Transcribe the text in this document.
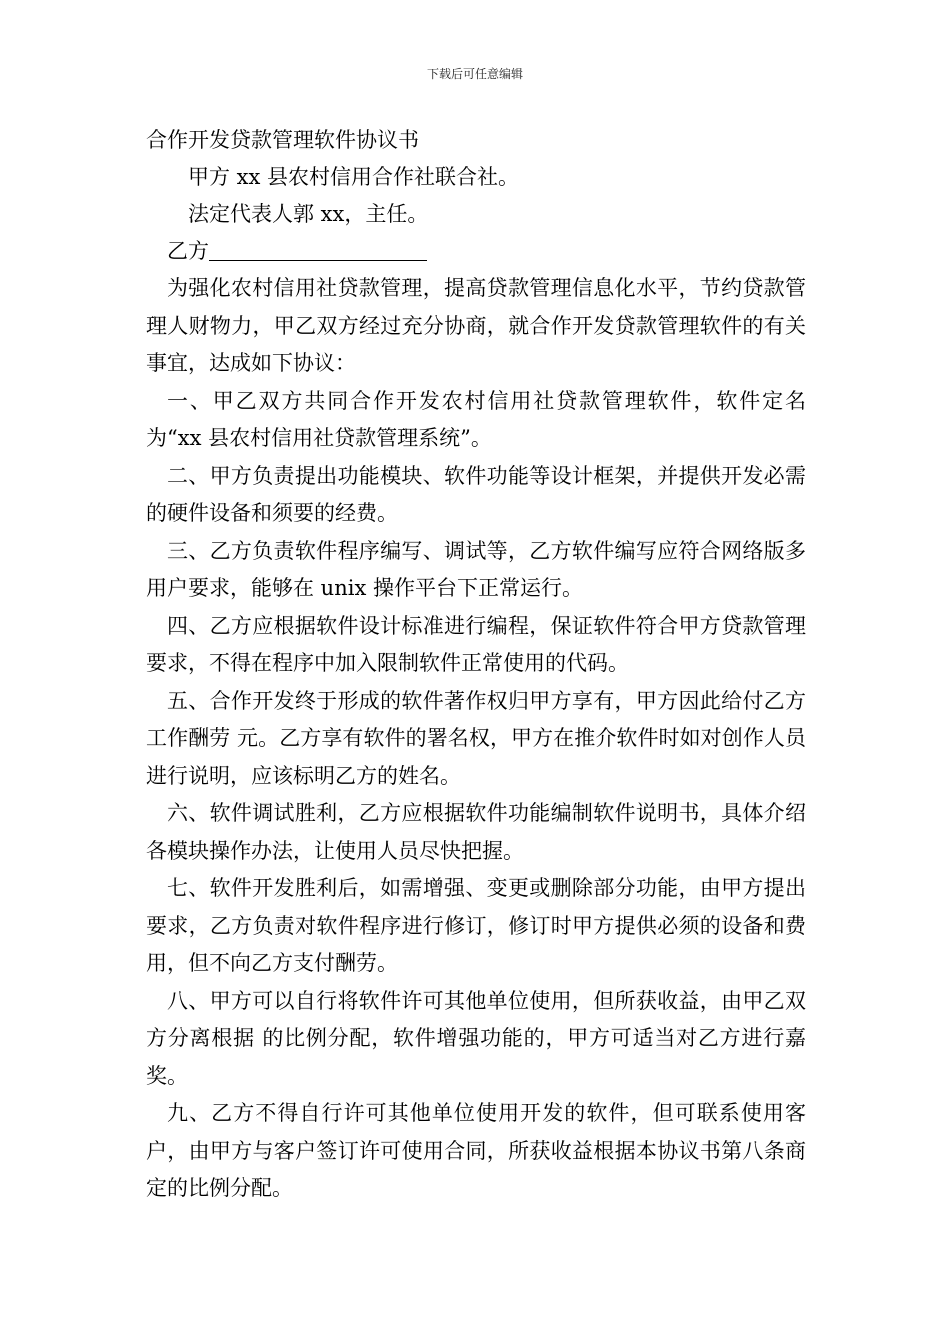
下载后可任意编辑
合作开发贷款管理软件协议书
甲方 xx 县农村信用合作社联合社。
法定代表人郭 xx，主任。
乙方
为强化农村信用社贷款管理，提高贷款管理信息化水平，节约贷款管理人财物力，甲乙双方经过充分协商，就合作开发贷款管理软件的有关事宜，达成如下协议：
一、甲乙双方共同合作开发农村信用社贷款管理软件，软件定名为“xx 县农村信用社贷款管理系统”。
二、甲方负责提出功能模块、软件功能等设计框架，并提供开发必需的硬件设备和须要的经费。
三、乙方负责软件程序编写、调试等，乙方软件编写应符合网络版多用户要求，能够在 unix 操作平台下正常运行。
四、乙方应根据软件设计标准进行编程，保证软件符合甲方贷款管理要求，不得在程序中加入限制软件正常使用的代码。
五、合作开发终于形成的软件著作权归甲方享有，甲方因此给付乙方工作酬劳 元。乙方享有软件的署名权，甲方在推介软件时如对创作人员进行说明，应该标明乙方的姓名。
六、软件调试胜利，乙方应根据软件功能编制软件说明书，具体介绍各模块操作办法，让使用人员尽快把握。
七、软件开发胜利后，如需增强、变更或删除部分功能，由甲方提出要求，乙方负责对软件程序进行修订，修订时甲方提供必须的设备和费用，但不向乙方支付酬劳。
八、甲方可以自行将软件许可其他单位使用，但所获收益，由甲乙双方分离根据 的比例分配，软件增强功能的，甲方可适当对乙方进行嘉奖。
九、乙方不得自行许可其他单位使用开发的软件，但可联系使用客户，由甲方与客户签订许可使用合同，所获收益根据本协议书第八条商定的比例分配。
